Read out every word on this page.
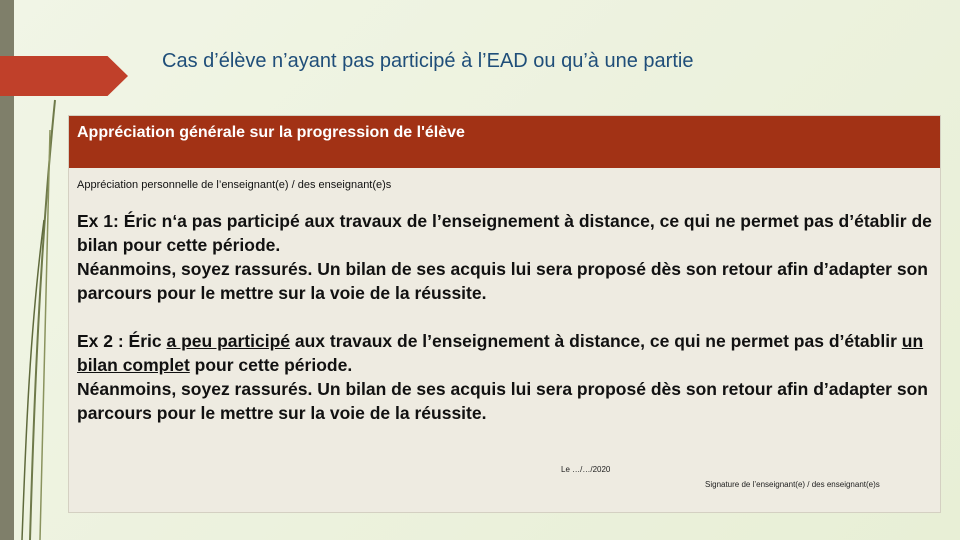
Cas d’élève n’ayant pas participé à l’EAD ou qu’à une partie
Appréciation générale sur la progression de l'élève
Appréciation personnelle de l’enseignant(e) / des enseignant(e)s
Ex 1: Éric n‘a pas participé aux travaux de l’enseignement à distance, ce qui ne permet pas d’établir de bilan pour cette période.
Néanmoins, soyez rassurés. Un bilan de ses acquis lui sera proposé dès son retour afin d’adapter son parcours pour le mettre sur la voie de la réussite.
Ex 2 : Éric a peu participé aux travaux de l’enseignement à distance, ce qui ne permet pas d’établir un bilan complet pour cette période.
Néanmoins, soyez rassurés. Un bilan de ses acquis lui sera proposé dès son retour afin d’adapter son parcours pour le mettre sur la voie de la réussite.
Le …/…/2020
Signature de l’enseignant(e) / des enseignant(e)s
